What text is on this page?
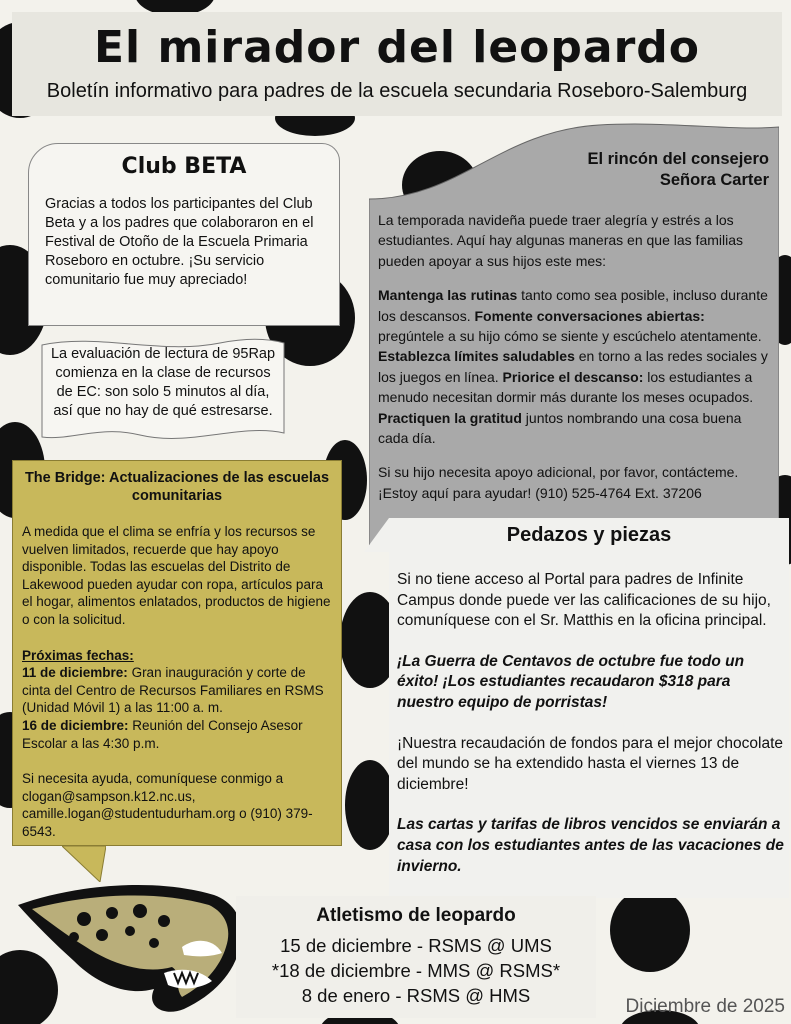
El mirador del leopardo
Boletín informativo para padres de la escuela secundaria Roseboro-Salemburg
Club BETA

Gracias a todos los participantes del Club Beta y a los padres que colaboraron en el Festival de Otoño de la Escuela Primaria Roseboro en octubre. ¡Su servicio comunitario fue muy apreciado!

La evaluación de lectura de 95Rap comienza en la clase de recursos de EC: son solo 5 minutos al día, así que no hay de qué estresarse.
El rincón del consejero
Señora Carter

La temporada navideña puede traer alegría y estrés a los estudiantes. Aquí hay algunas maneras en que las familias pueden apoyar a sus hijos este mes:

Mantenga las rutinas tanto como sea posible, incluso durante los descansos. Fomente conversaciones abiertas: pregúntele a su hijo cómo se siente y escúchelo atentamente. Establezca límites saludables en torno a las redes sociales y los juegos en línea. Priorice el descanso: los estudiantes a menudo necesitan dormir más durante los meses ocupados. Practiquen la gratitud juntos nombrando una cosa buena cada día.

Si su hijo necesita apoyo adicional, por favor, contácteme. ¡Estoy aquí para ayudar! (910) 525-4764 Ext. 37206

The Bridge: Actualizaciones de las escuelas comunitarias

A medida que el clima se enfría y los recursos se vuelven limitados, recuerde que hay apoyo disponible. Todas las escuelas del Distrito de Lakewood pueden ayudar con ropa, artículos para el hogar, alimentos enlatados, productos de higiene o con la solicitud.

Próximas fechas:
11 de diciembre: Gran inauguración y corte de cinta del Centro de Recursos Familiares en RSMS (Unidad Móvil 1) a las 11:00 a. m.
16 de diciembre: Reunión del Consejo Asesor Escolar a las 4:30 p.m.

Si necesita ayuda, comuníquese conmigo a clogan@sampson.k12.nc.us, camille.logan@studentudurham.org o (910) 379-6543.

Pedazos y piezas

Si no tiene acceso al Portal para padres de Infinite Campus donde puede ver las calificaciones de su hijo, comuníquese con el Sr. Matthis en la oficina principal.

¡La Guerra de Centavos de octubre fue todo un éxito! ¡Los estudiantes recaudaron $318 para nuestro equipo de porristas!

¡Nuestra recaudación de fondos para el mejor chocolate del mundo se ha extendido hasta el viernes 13 de diciembre!

Las cartas y tarifas de libros vencidos se enviarán a casa con los estudiantes antes de las vacaciones de invierno.

Atletismo de leopardo
15 de diciembre - RSMS @ UMS
*18 de diciembre - MMS @ RSMS*
8 de enero - RSMS @ HMS
Diciembre de 2025
